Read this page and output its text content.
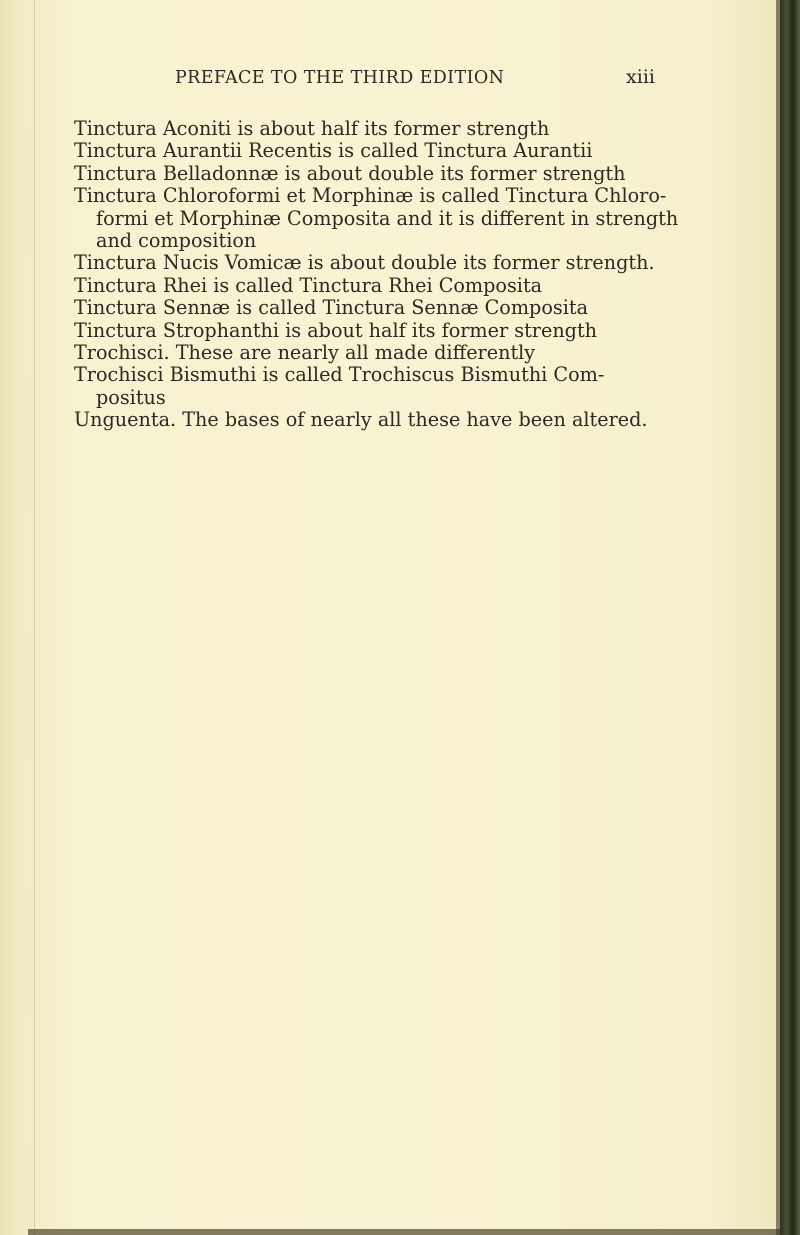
PREFACE TO THE THIRD EDITION	xiii
Tinctura Aconiti is about half its former strength
Tinctura Aurantii Recentis is called Tinctura Aurantii
Tinctura Belladonnæ is about double its former strength
Tinctura Chloroformi et Morphinæ is called Tinctura Chloro-
formi et Morphinæ Composita and it is different in strength
and composition
Tinctura Nucis Vomicæ is about double its former strength.
Tinctura Rhei is called Tinctura Rhei Composita
Tinctura Sennæ is called Tinctura Sennæ Composita
Tinctura Strophanthi is about half its former strength
Trochisci. These are nearly all made differently
Trochisci Bismuthi is called Trochiscus Bismuthi Com-
positus
Unguenta. The bases of nearly all these have been altered.
